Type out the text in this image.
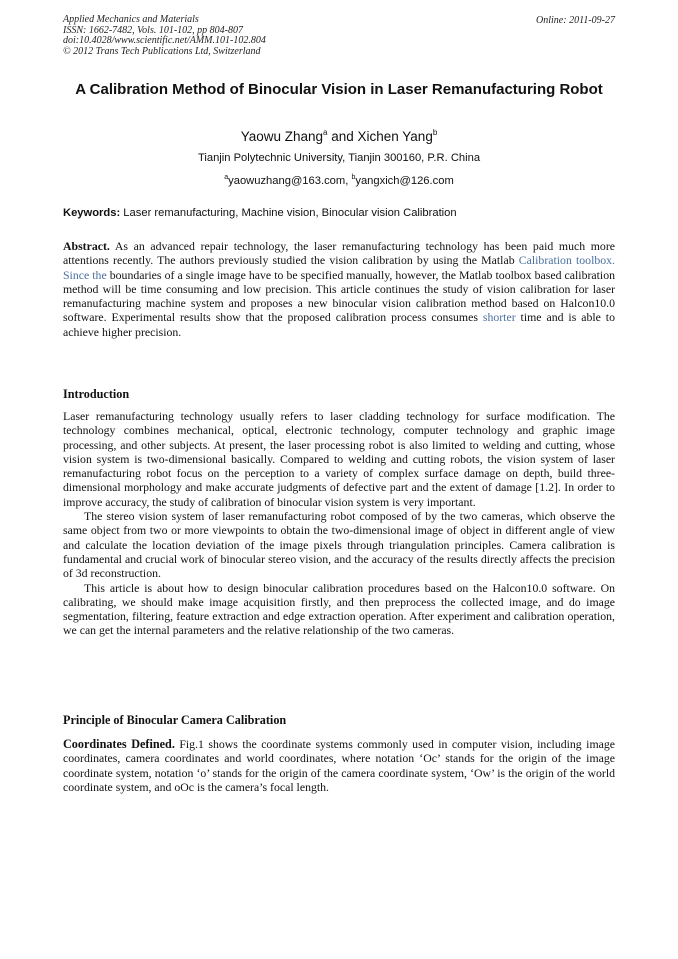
Applied Mechanics and Materials
ISSN: 1662-7482, Vols. 101-102, pp 804-807
doi:10.4028/www.scientific.net/AMM.101-102.804
© 2012 Trans Tech Publications Ltd, Switzerland
Online: 2011-09-27
A Calibration Method of Binocular Vision in Laser Remanufacturing Robot
Yaowu Zhang$^a$ and Xichen Yang$^b$
Tianjin Polytechnic University, Tianjin 300160, P.R. China
$^a$yaowuzhang@163.com, $^b$yangxich@126.com
Keywords: Laser remanufacturing, Machine vision, Binocular vision Calibration
Abstract. As an advanced repair technology, the laser remanufacturing technology has been paid much more attentions recently. The authors previously studied the vision calibration by using the Matlab Calibration toolbox. Since the boundaries of a single image have to be specified manually, however, the Matlab toolbox based calibration method will be time consuming and low precision. This article continues the study of vision calibration for laser remanufacturing machine system and proposes a new binocular vision calibration method based on Halcon10.0 software. Experimental results show that the proposed calibration process consumes shorter time and is able to achieve higher precision.
Introduction

Laser remanufacturing technology usually refers to laser cladding technology for surface modification. The technology combines mechanical, optical, electronic technology, computer technology and graphic image processing, and other subjects. At present, the laser processing robot is also limited to welding and cutting, whose vision system is two-dimensional basically. Compared to welding and cutting robots, the vision system of laser remanufacturing robot focus on the perception to a variety of complex surface damage on depth, build three-dimensional morphology and make accurate judgments of defective part and the extent of damage [1.2]. In order to improve accuracy, the study of calibration of binocular vision system is very important.

The stereo vision system of laser remanufacturing robot composed of by the two cameras, which observe the same object from two or more viewpoints to obtain the two-dimensional image of object in different angle of view and calculate the location deviation of the image pixels through triangulation principles. Camera calibration is fundamental and crucial work of binocular stereo vision, and the accuracy of the results directly affects the precision of 3d reconstruction.

This article is about how to design binocular calibration procedures based on the Halcon10.0 software. On calibrating, we should make image acquisition firstly, and then preprocess the collected image, and do image segmentation, filtering, feature extraction and edge extraction operation. After experiment and calibration operation, we can get the internal parameters and the relative relationship of the two cameras.

Principle of Binocular Camera Calibration
Coordinates Defined. Fig.1 shows the coordinate systems commonly used in computer vision, including image coordinates, camera coordinates and world coordinates, where notation ‘Oc’ stands for the origin of the image coordinate system, notation ‘o’ stands for the origin of the camera coordinate system, ‘Ow’ is the origin of the world coordinate system, and oOc is the camera’s focal length.
